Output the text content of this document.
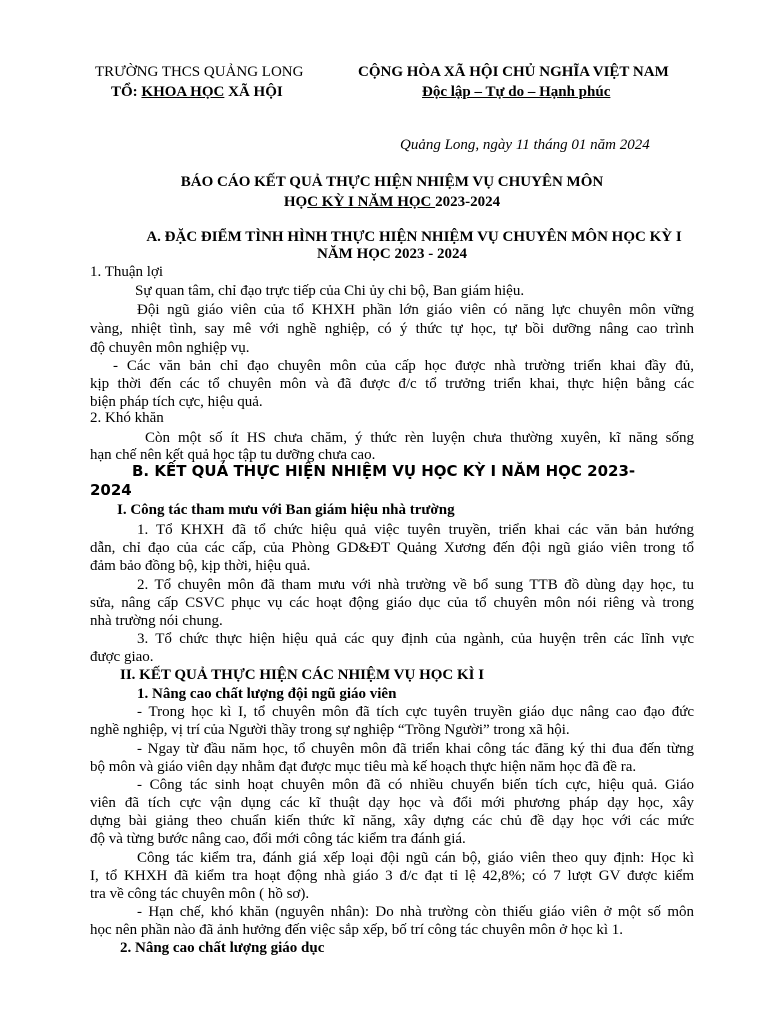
TRƯỜNG THCS QUẢNG LONG
TỔ: KHOA HỌC XÃ HỘI
CỘNG HÒA XÃ HỘI CHỦ NGHĨA VIỆT NAM
Độc lập – Tự do – Hạnh phúc
Quảng Long, ngày 11 tháng 01 năm 2024
BÁO CÁO KẾT QUẢ THỰC HIỆN NHIỆM VỤ CHUYÊN MÔN
HỌC KỲ I NĂM HỌC 2023-2024
A. ĐẶC ĐIỂM TÌNH HÌNH THỰC HIỆN NHIỆM VỤ CHUYÊN MÔN HỌC KỲ I
NĂM HỌC 2023 - 2024
1. Thuận lợi
Sự quan tâm, chỉ đạo trực tiếp của Chi ủy chi bộ, Ban giám hiệu.
Đội ngũ giáo viên của tổ KHXH phần lớn giáo viên có năng lực chuyên môn vững
vàng, nhiệt tình, say mê với nghề nghiệp, có ý thức tự học, tự bồi dưỡng nâng cao trình
độ chuyên môn nghiệp vụ.
- Các văn bản chỉ đạo chuyên môn của cấp học được nhà trường triển khai đầy đủ,
kịp thời đến các tổ chuyên môn và đã được đ/c tổ trưởng triển khai, thực hiện bằng các
biện pháp tích cực, hiệu quả.
2. Khó khăn
Còn một số ít HS chưa chăm, ý thức rèn luyện chưa thường xuyên, kĩ năng sống
hạn chế nên kết quả học tập tu dưỡng chưa cao.
B. KẾT QUẢ THỰC HIỆN NHIỆM VỤ HỌC KỲ I NĂM HỌC 2023-
2024
I. Công tác tham mưu với Ban giám hiệu nhà trường
1. Tổ KHXH đã tổ chức hiệu quả việc tuyên truyền, triển khai các văn bản hướng
dẫn, chỉ đạo của các cấp, của Phòng GD&ĐT Quảng Xương đến đội ngũ giáo viên trong tổ
đảm bảo đồng bộ, kịp thời, hiệu quả.
2. Tổ chuyên môn đã tham mưu với nhà trường về bổ sung TTB đồ dùng dạy học, tu
sửa, nâng cấp CSVC phục vụ các hoạt động giáo dục của tổ chuyên môn nói riêng và trong
nhà trường nói chung.
3. Tổ chức thực hiện hiệu quả các quy định của ngành, của huyện trên các lĩnh vực
được giao.
II. KẾT QUẢ THỰC HIỆN CÁC NHIỆM VỤ HỌC KÌ I
1. Nâng cao chất lượng đội ngũ giáo viên
- Trong học kì I, tổ chuyên môn đã tích cực tuyên truyền giáo dục nâng cao đạo đức
nghề nghiệp, vị trí của Người thầy trong sự nghiệp “Trồng Người” trong xã hội.
- Ngay từ đầu năm học, tổ chuyên môn đã triển khai công tác đăng ký thi đua đến từng
bộ môn và giáo viên dạy nhằm đạt được mục tiêu mà kế hoạch thực hiện năm học đã đề ra.
- Công tác sinh hoạt chuyên môn đã có nhiều chuyển biến tích cực, hiệu quả. Giáo
viên đã tích cực vận dụng các kĩ thuật dạy học và đổi mới phương pháp dạy học, xây
dựng bài giảng theo chuẩn kiến thức kĩ năng, xây dựng các chủ đề dạy học với các mức
độ và từng bước nâng cao, đổi mới công tác kiểm tra đánh giá.
Công tác kiểm tra, đánh giá xếp loại đội ngũ cán bộ, giáo viên theo quy định: Học kì
I, tổ KHXH đã kiểm tra hoạt động nhà giáo 3 đ/c đạt tỉ lệ 42,8%; có 7 lượt GV được kiểm
tra về công tác chuyên môn ( hồ sơ).
- Hạn chế, khó khăn (nguyên nhân): Do nhà trường còn thiếu giáo viên ở một số môn
học nên phần nào đã ảnh hưởng đến việc sắp xếp, bố trí công tác chuyên môn ở học kì 1.
2. Nâng cao chất lượng giáo dục
